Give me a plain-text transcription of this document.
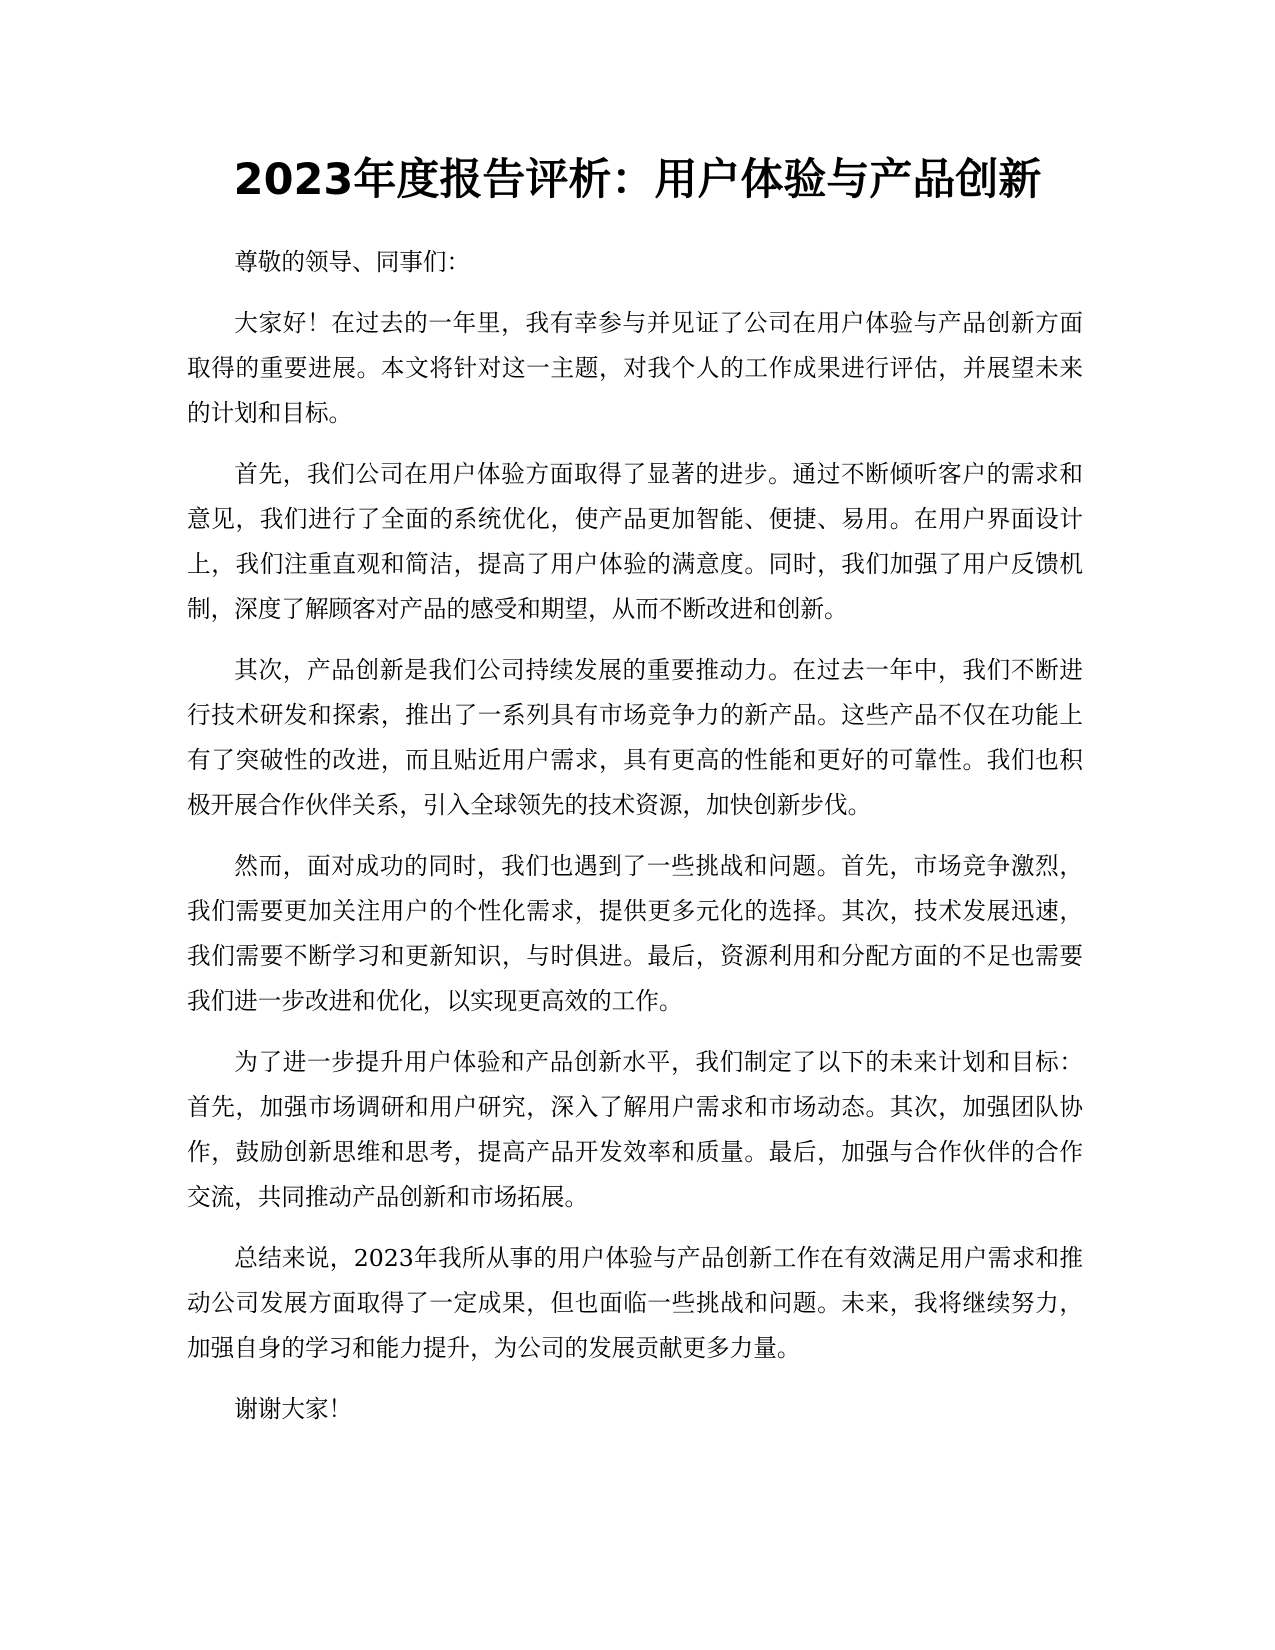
2023年度报告评析：用户体验与产品创新

尊敬的领导、同事们：

大家好！在过去的一年里，我有幸参与并见证了公司在用户体验与产品创新方面取得的重要进展。本文将针对这一主题，对我个人的工作成果进行评估，并展望未来的计划和目标。

首先，我们公司在用户体验方面取得了显著的进步。通过不断倾听客户的需求和意见，我们进行了全面的系统优化，使产品更加智能、便捷、易用。在用户界面设计上，我们注重直观和简洁，提高了用户体验的满意度。同时，我们加强了用户反馈机制，深度了解顾客对产品的感受和期望，从而不断改进和创新。

其次，产品创新是我们公司持续发展的重要推动力。在过去一年中，我们不断进行技术研发和探索，推出了一系列具有市场竞争力的新产品。这些产品不仅在功能上有了突破性的改进，而且贴近用户需求，具有更高的性能和更好的可靠性。我们也积极开展合作伙伴关系，引入全球领先的技术资源，加快创新步伐。

然而，面对成功的同时，我们也遇到了一些挑战和问题。首先，市场竞争激烈，我们需要更加关注用户的个性化需求，提供更多元化的选择。其次，技术发展迅速，我们需要不断学习和更新知识，与时俱进。最后，资源利用和分配方面的不足也需要我们进一步改进和优化，以实现更高效的工作。

为了进一步提升用户体验和产品创新水平，我们制定了以下的未来计划和目标：首先，加强市场调研和用户研究，深入了解用户需求和市场动态。其次，加强团队协作，鼓励创新思维和思考，提高产品开发效率和质量。最后，加强与合作伙伴的合作交流，共同推动产品创新和市场拓展。

总结来说，2023年我所从事的用户体验与产品创新工作在有效满足用户需求和推动公司发展方面取得了一定成果，但也面临一些挑战和问题。未来，我将继续努力，加强自身的学习和能力提升，为公司的发展贡献更多力量。

谢谢大家！
